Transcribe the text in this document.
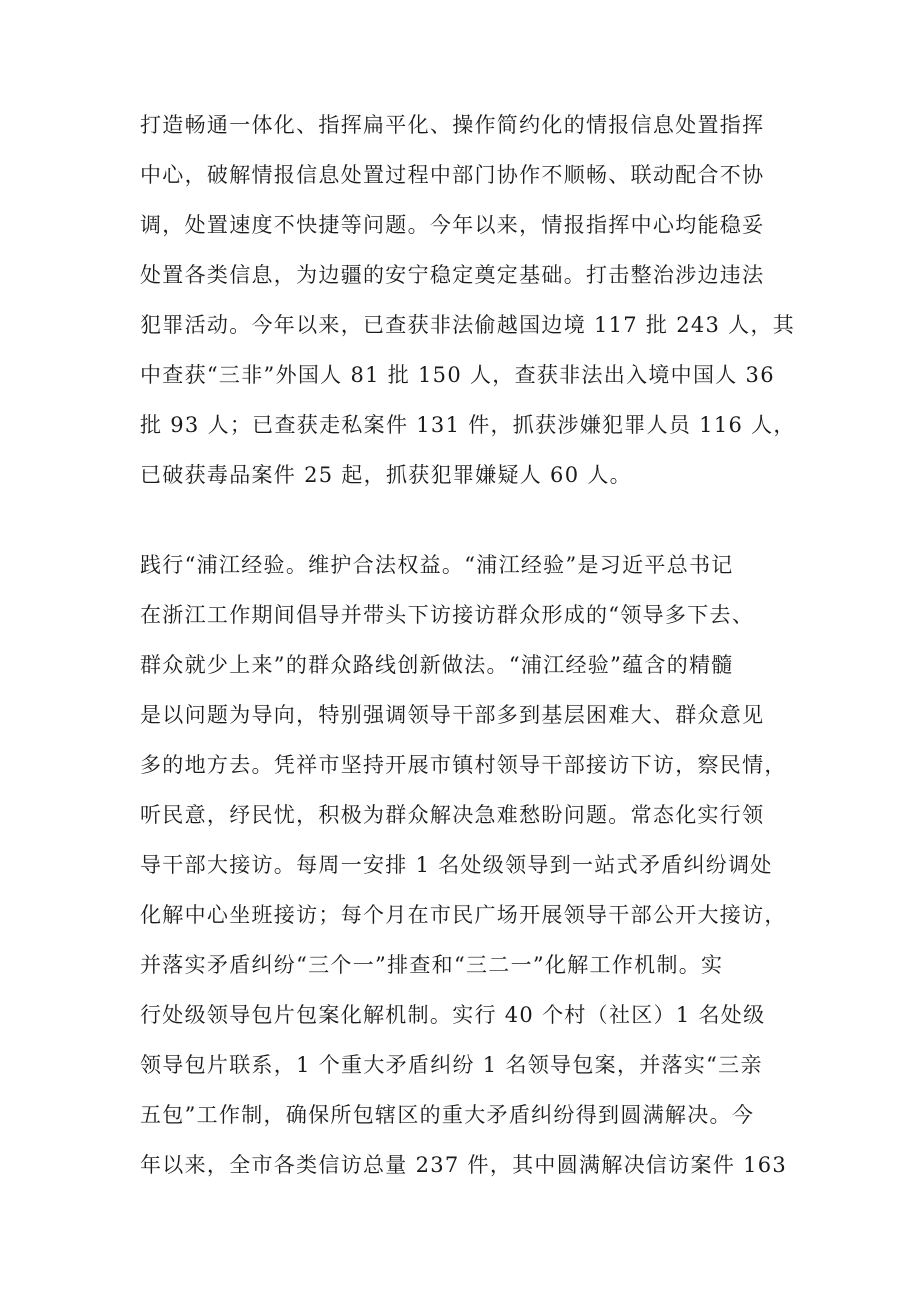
打造畅通一体化、指挥扁平化、操作简约化的情报信息处置指挥
中心，破解情报信息处置过程中部门协作不顺畅、联动配合不协
调，处置速度不快捷等问题。今年以来，情报指挥中心均能稳妥
处置各类信息，为边疆的安宁稳定奠定基础。打击整治涉边违法
犯罪活动。今年以来，已查获非法偷越国边境 117 批 243 人，其
中查获“三非”外国人 81 批 150 人，查获非法出入境中国人 36
批 93 人；已查获走私案件 131 件，抓获涉嫌犯罪人员 116 人，
已破获毒品案件 25 起，抓获犯罪嫌疑人 60 人。
践行“浦江经验。维护合法权益。“浦江经验”是习近平总书记
在浙江工作期间倡导并带头下访接访群众形成的“领导多下去、
群众就少上来”的群众路线创新做法。“浦江经验”蕴含的精髓
是以问题为导向，特别强调领导干部多到基层困难大、群众意见
多的地方去。凭祥市坚持开展市镇村领导干部接访下访，察民情，
听民意，纾民忧，积极为群众解决急难愁盼问题。常态化实行领
导干部大接访。每周一安排 1 名处级领导到一站式矛盾纠纷调处
化解中心坐班接访；每个月在市民广场开展领导干部公开大接访，
并落实矛盾纠纷“三个一”排查和“三二一”化解工作机制。实
行处级领导包片包案化解机制。实行 40 个村（社区）1 名处级
领导包片联系，1 个重大矛盾纠纷 1 名领导包案，并落实“三亲
五包”工作制，确保所包辖区的重大矛盾纠纷得到圆满解决。今
年以来，全市各类信访总量 237 件，其中圆满解决信访案件 163
